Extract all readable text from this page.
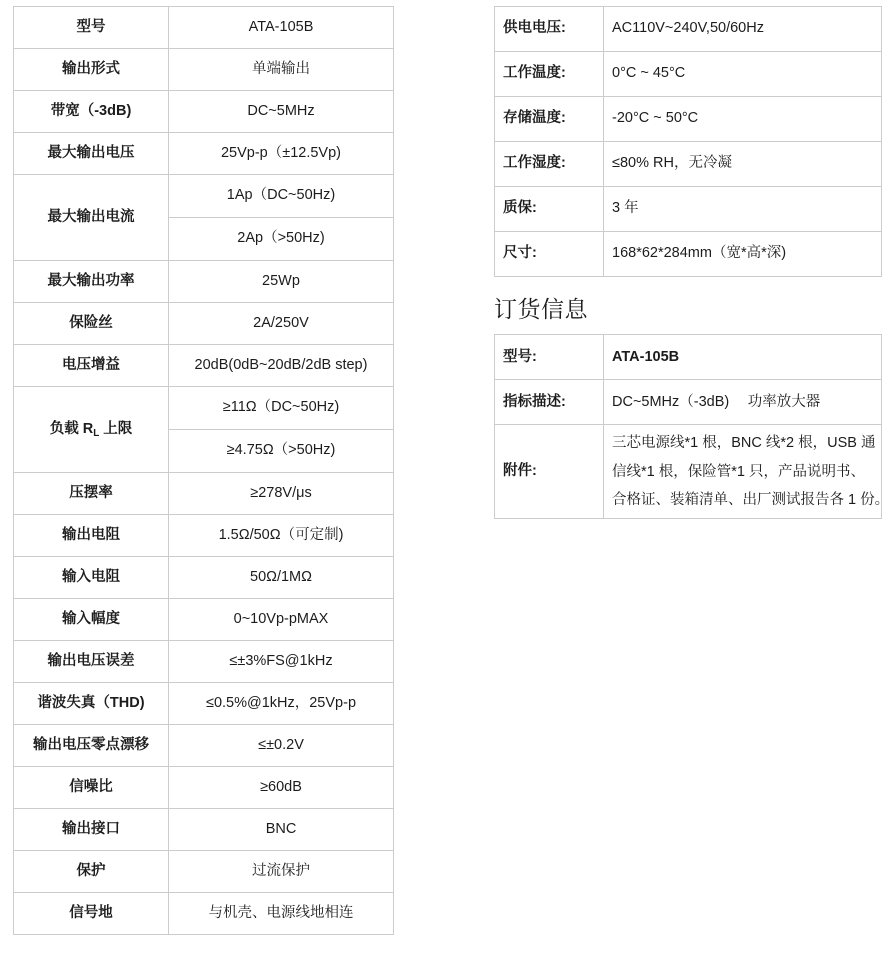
型号	ATA-105B
输出形式	单端输出
带宽（-3dB)	DC~5MHz
最大输出电压	25Vp-p（±12.5Vp)
最大输出电流	1Ap（DC~50Hz)
	2Ap（>50Hz)
最大输出功率	25Wp
保险丝	2A/250V
电压增益	20dB(0dB~20dB/2dB step)
负载 $R_L$ 上限	≥11Ω（DC~50Hz)
	≥4.75Ω（>50Hz)
压摆率	≥278V/μs
输出电阻	1.5Ω/50Ω（可定制)
输入电阻	50Ω/1MΩ
输入幅度	0~10Vp-pMAX
输出电压误差	≤±3%FS@1kHz
谐波失真（THD)	≤0.5%@1kHz，25Vp-p
输出电压零点漂移	≤±0.2V
信噪比	≥60dB
输出接口	BNC
保护	过流保护
信号地	与机壳、电源线地相连
供电电压:	AC110V~240V,50/60Hz
工作温度:	0°C ~ 45°C
存储温度:	-20°C ~ 50°C
工作湿度:	≤80% RH，无冷凝
质保:	3 年
尺寸:	168*62*284mm（宽*高*深)
订货信息
型号:	ATA-105B
指标描述:	DC~5MHz（-3dB)　 功率放大器
附件:	三芯电源线*1 根，BNC 线*2 根，USB 通
信线*1 根，保险管*1 只，产品说明书、
合格证、装箱清单、出厂测试报告各 1 份。
